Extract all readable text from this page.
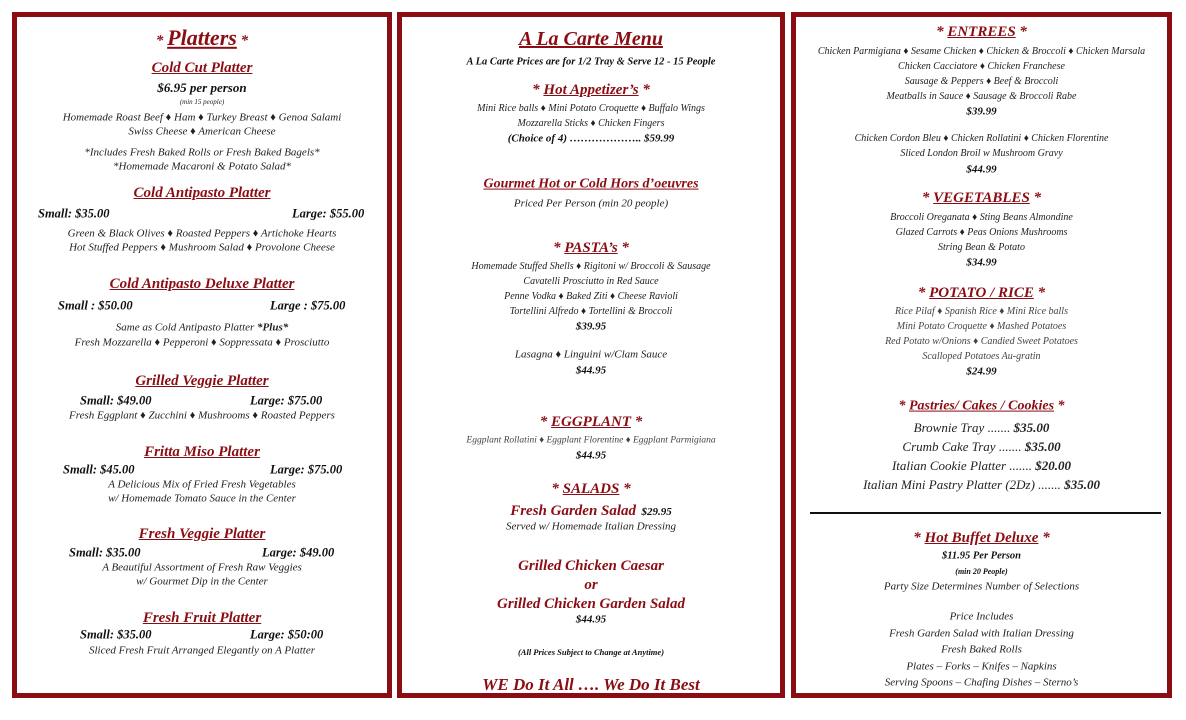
* Platters *
Cold Cut Platter
$6.95 per person
(min 15 people)
Homemade Roast Beef ♦ Ham ♦ Turkey Breast ♦ Genoa Salami
Swiss Cheese ♦ American Cheese
*Includes Fresh Baked Rolls or Fresh Baked Bagels*
*Homemade Macaroni & Potato Salad*
Cold Antipasto Platter
Small: $35.00	Large: $55.00
Green & Black Olives ♦ Roasted Peppers ♦ Artichoke Hearts
Hot Stuffed Peppers ♦ Mushroom Salad ♦ Provolone Cheese
Cold Antipasto Deluxe Platter
Small : $50.00	Large : $75.00
Same as Cold Antipasto Platter *Plus*
Fresh Mozzarella ♦ Pepperoni ♦ Soppressata ♦ Prosciutto
Grilled Veggie Platter
Small: $49.00	Large: $75.00
Fresh Eggplant ♦ Zucchini ♦ Mushrooms ♦ Roasted Peppers
Fritta Miso Platter
Small: $45.00	Large: $75.00
A Delicious Mix of Fried Fresh Vegetables
w/ Homemade Tomato Sauce in the Center
Fresh Veggie Platter
Small: $35.00	Large: $49.00
A Beautiful Assortment of Fresh Raw Veggies
w/ Gourmet Dip in the Center
Fresh Fruit Platter
Small: $35.00	Large: $50:00
Sliced Fresh Fruit Arranged Elegantly on A Platter
A La Carte Menu
A La Carte Prices are for 1/2 Tray & Serve 12 - 15 People
* Hot Appetizer’s *
Mini Rice balls ♦ Mini Potato Croquette ♦ Buffalo Wings
Mozzarella Sticks ♦ Chicken Fingers
(Choice of 4) ……………….. $59.99
Gourmet Hot or Cold Hors d’oeuvres
Priced Per Person (min 20 people)
* PASTA’s *
Homemade Stuffed Shells ♦ Rigitoni w/ Broccoli & Sausage
Cavatelli Prosciutto in Red Sauce
Penne Vodka ♦ Baked Ziti ♦ Cheese Ravioli
Tortellini Alfredo ♦ Tortellini & Broccoli
$39.95
Lasagna ♦ Linguini w/Clam Sauce
$44.95
* EGGPLANT *
Eggplant Rollatini ♦ Eggplant Florentine ♦ Eggplant Parmigiana
$44.95
* SALADS *
Fresh Garden Salad $29.95
Served w/ Homemade Italian Dressing
Grilled Chicken Caesar
or
Grilled Chicken Garden Salad
$44.95
(All Prices Subject to Change at Anytime)
WE Do It All …. We Do It Best
* ENTREES *
Chicken Parmigiana ♦ Sesame Chicken ♦ Chicken & Broccoli ♦ Chicken Marsala
Chicken Cacciatore ♦ Chicken Franchese
Sausage & Peppers ♦ Beef & Broccoli
Meatballs in Sauce ♦ Sausage & Broccoli Rabe
$39.99
Chicken Cordon Bleu ♦ Chicken Rollatini ♦ Chicken Florentine
Sliced London Broil w Mushroom Gravy
$44.99
* VEGETABLES *
Broccoli Oreganata ♦ Sting Beans Almondine
Glazed Carrots ♦ Peas Onions Mushrooms
String Bean & Potato
$34.99
* POTATO / RICE *
Rice Pilaf ♦ Spanish Rice ♦ Mini Rice balls
Mini Potato Croquette ♦ Mashed Potatoes
Red Potato w/Onions ♦ Candied Sweet Potatoes
Scalloped Potatoes Au-gratin
$24.99
* Pastries/ Cakes / Cookies *
Brownie Tray ....... $35.00
Crumb Cake Tray ....... $35.00
Italian Cookie Platter ....... $20.00
Italian Mini Pastry Platter (2Dz) ....... $35.00
* Hot Buffet Deluxe *
$11.95 Per Person
(min 20 People)
Party Size Determines Number of Selections
Price Includes
Fresh Garden Salad with Italian Dressing
Fresh Baked Rolls
Plates – Forks – Knifes – Napkins
Serving Spoons – Chafing Dishes – Sterno’s
